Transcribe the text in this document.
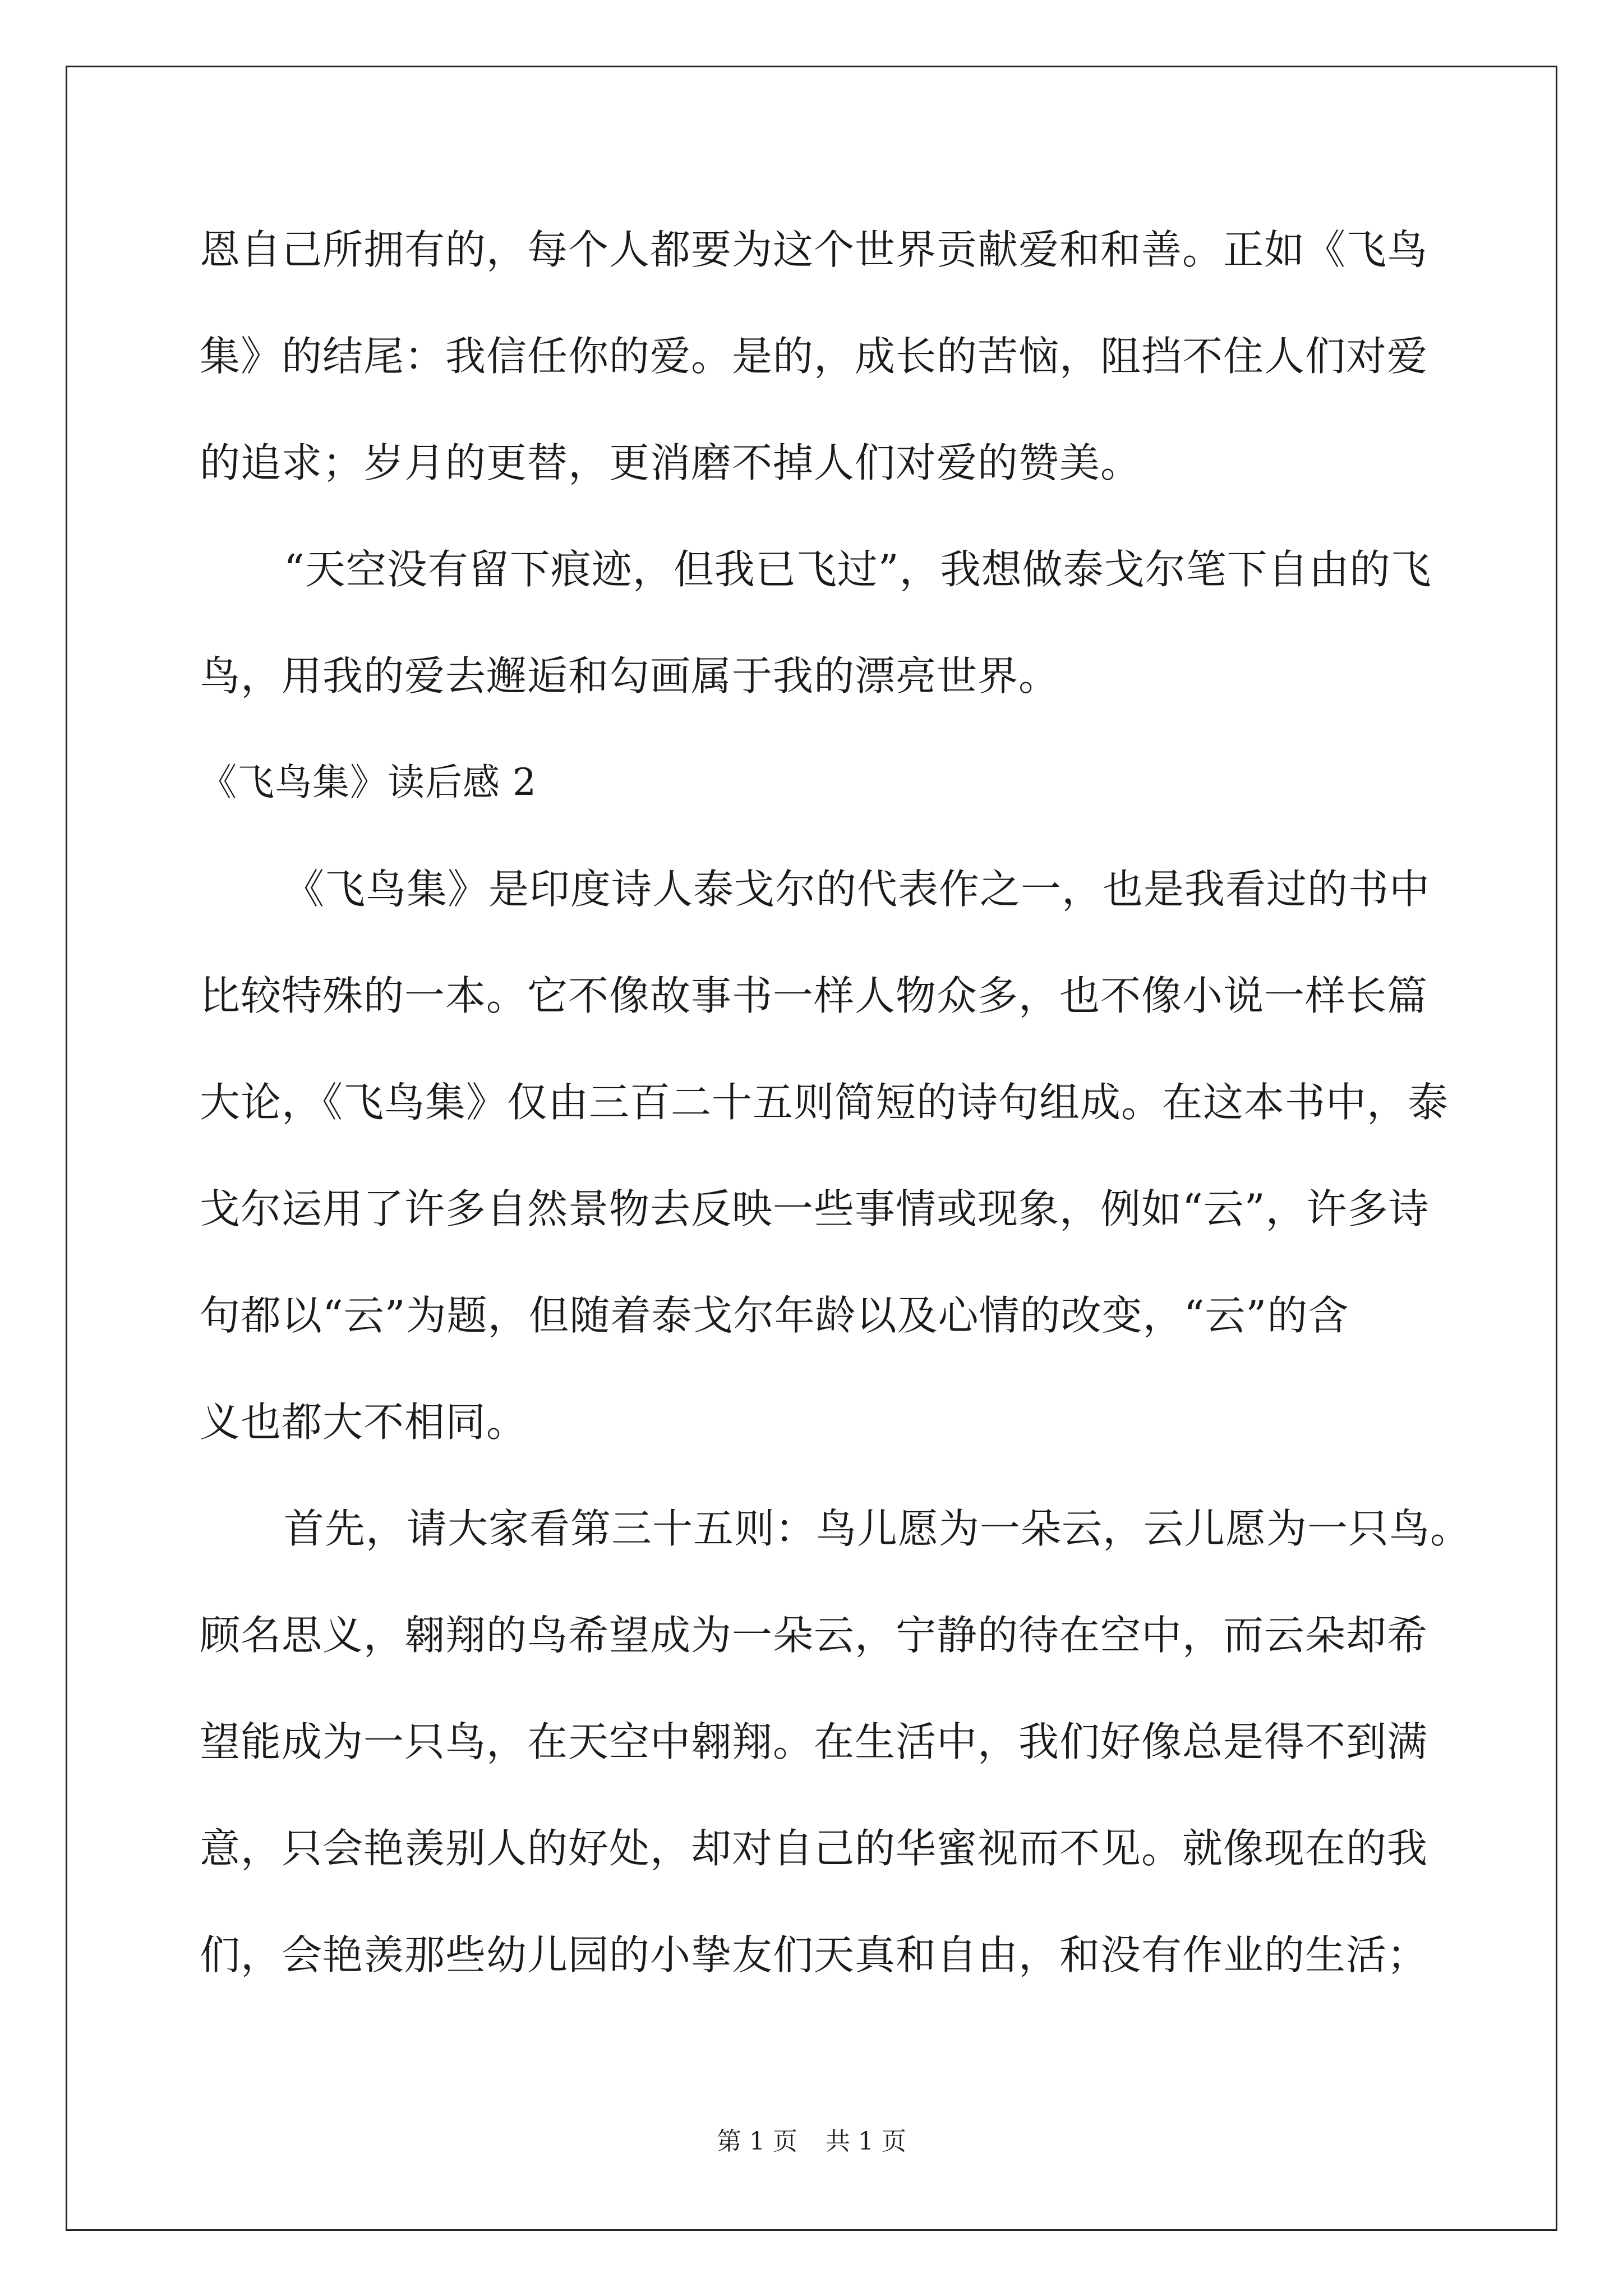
恩自己所拥有的，每个人都要为这个世界贡献爱和和善。正如《飞鸟
集》的结尾：我信任你的爱。是的，成长的苦恼，阻挡不住人们对爱
的追求；岁月的更替，更消磨不掉人们对爱的赞美。
“天空没有留下痕迹，但我已飞过”，我想做泰戈尔笔下自由的飞
鸟，用我的爱去邂逅和勾画属于我的漂亮世界。
《飞鸟集》读后感 2
《飞鸟集》是印度诗人泰戈尔的代表作之一，也是我看过的书中
比较特殊的一本。它不像故事书一样人物众多，也不像小说一样长篇
大论，《飞鸟集》仅由三百二十五则简短的诗句组成。在这本书中，泰
戈尔运用了许多自然景物去反映一些事情或现象，例如“云”，许多诗
句都以“云”为题，但随着泰戈尔年龄以及心情的改变，“云”的含
义也都大不相同。
首先，请大家看第三十五则：鸟儿愿为一朵云，云儿愿为一只鸟。
顾名思义，翱翔的鸟希望成为一朵云，宁静的待在空中，而云朵却希
望能成为一只鸟，在天空中翱翔。在生活中，我们好像总是得不到满
意，只会艳羡别人的好处，却对自己的华蜜视而不见。就像现在的我
们，会艳羡那些幼儿园的小挚友们天真和自由，和没有作业的生活；
第 1 页 共 1 页
